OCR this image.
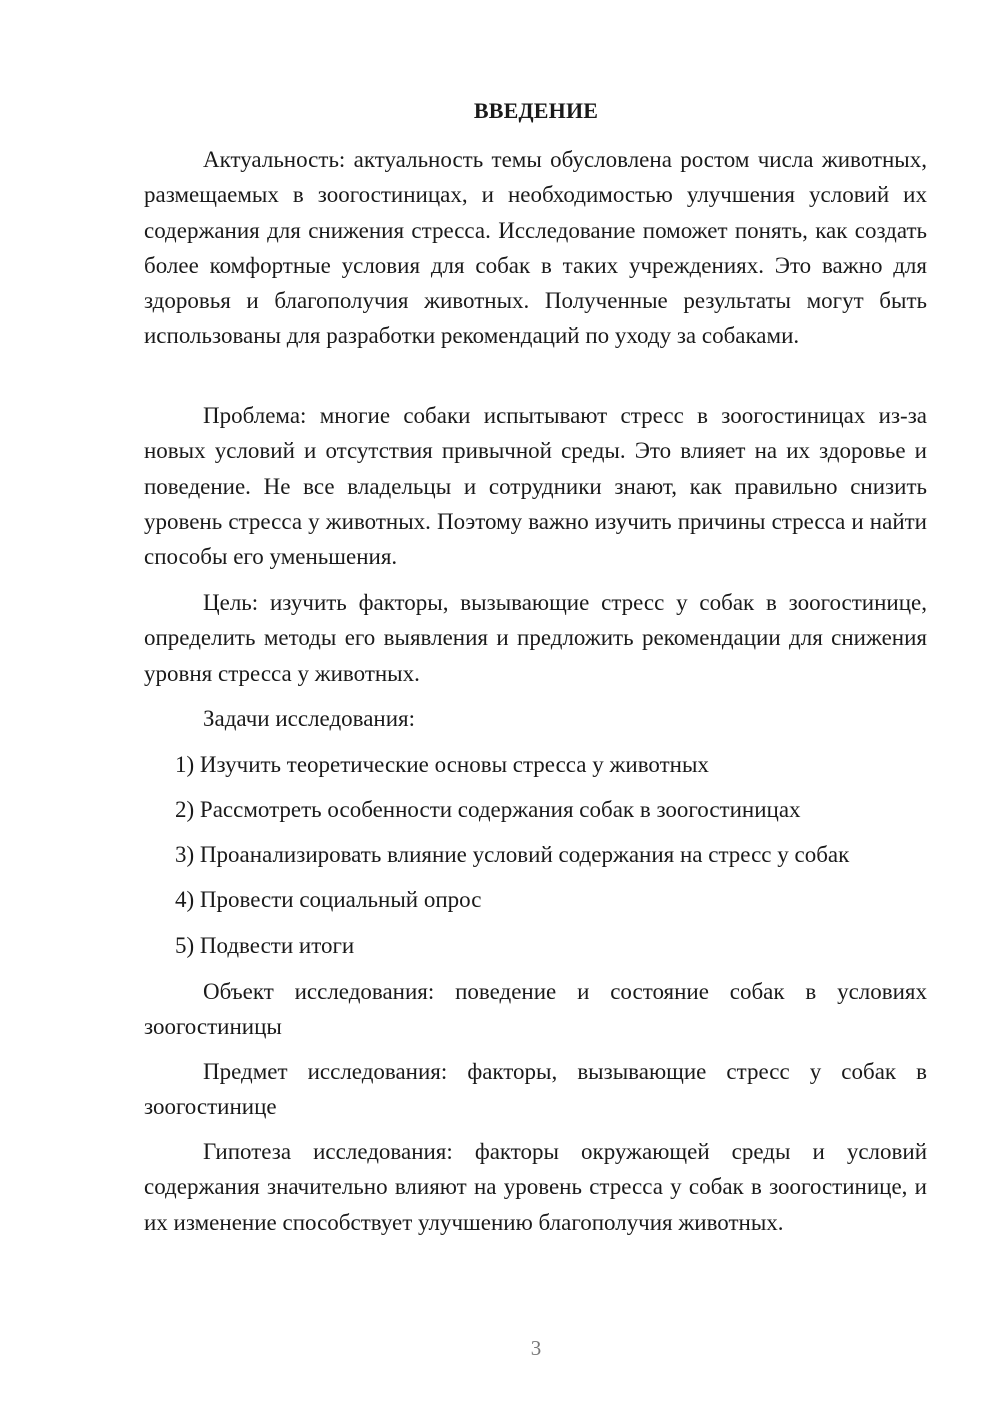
ВВЕДЕНИЕ

Актуальность: актуальность темы обусловлена ростом числа животных, размещаемых в зоогостиницах, и необходимостью улучшения условий их содержания для снижения стресса. Исследование поможет понять, как создать более комфортные условия для собак в таких учреждениях. Это важно для здоровья и благополучия животных. Полученные результаты могут быть использованы для разработки рекомендаций по уходу за собаками.

Проблема: многие собаки испытывают стресс в зоогостиницах из-за новых условий и отсутствия привычной среды. Это влияет на их здоровье и поведение. Не все владельцы и сотрудники знают, как правильно снизить уровень стресса у животных. Поэтому важно изучить причины стресса и найти способы его уменьшения.

Цель: изучить факторы, вызывающие стресс у собак в зоогостинице, определить методы его выявления и предложить рекомендации для снижения уровня стресса у животных.

Задачи исследования:

1) Изучить теоретические основы стресса у животных

2) Рассмотреть особенности содержания собак в зоогостиницах

3) Проанализировать влияние условий содержания на стресс у собак

4) Провести социальный опрос

5) Подвести итоги

Объект исследования: поведение и состояние собак в условиях зоогостиницы

Предмет исследования: факторы, вызывающие стресс у собак в зоогостинице

Гипотеза исследования: факторы окружающей среды и условий содержания значительно влияют на уровень стресса у собак в зоогостинице, и их изменение способствует улучшению благополучия животных.

3
